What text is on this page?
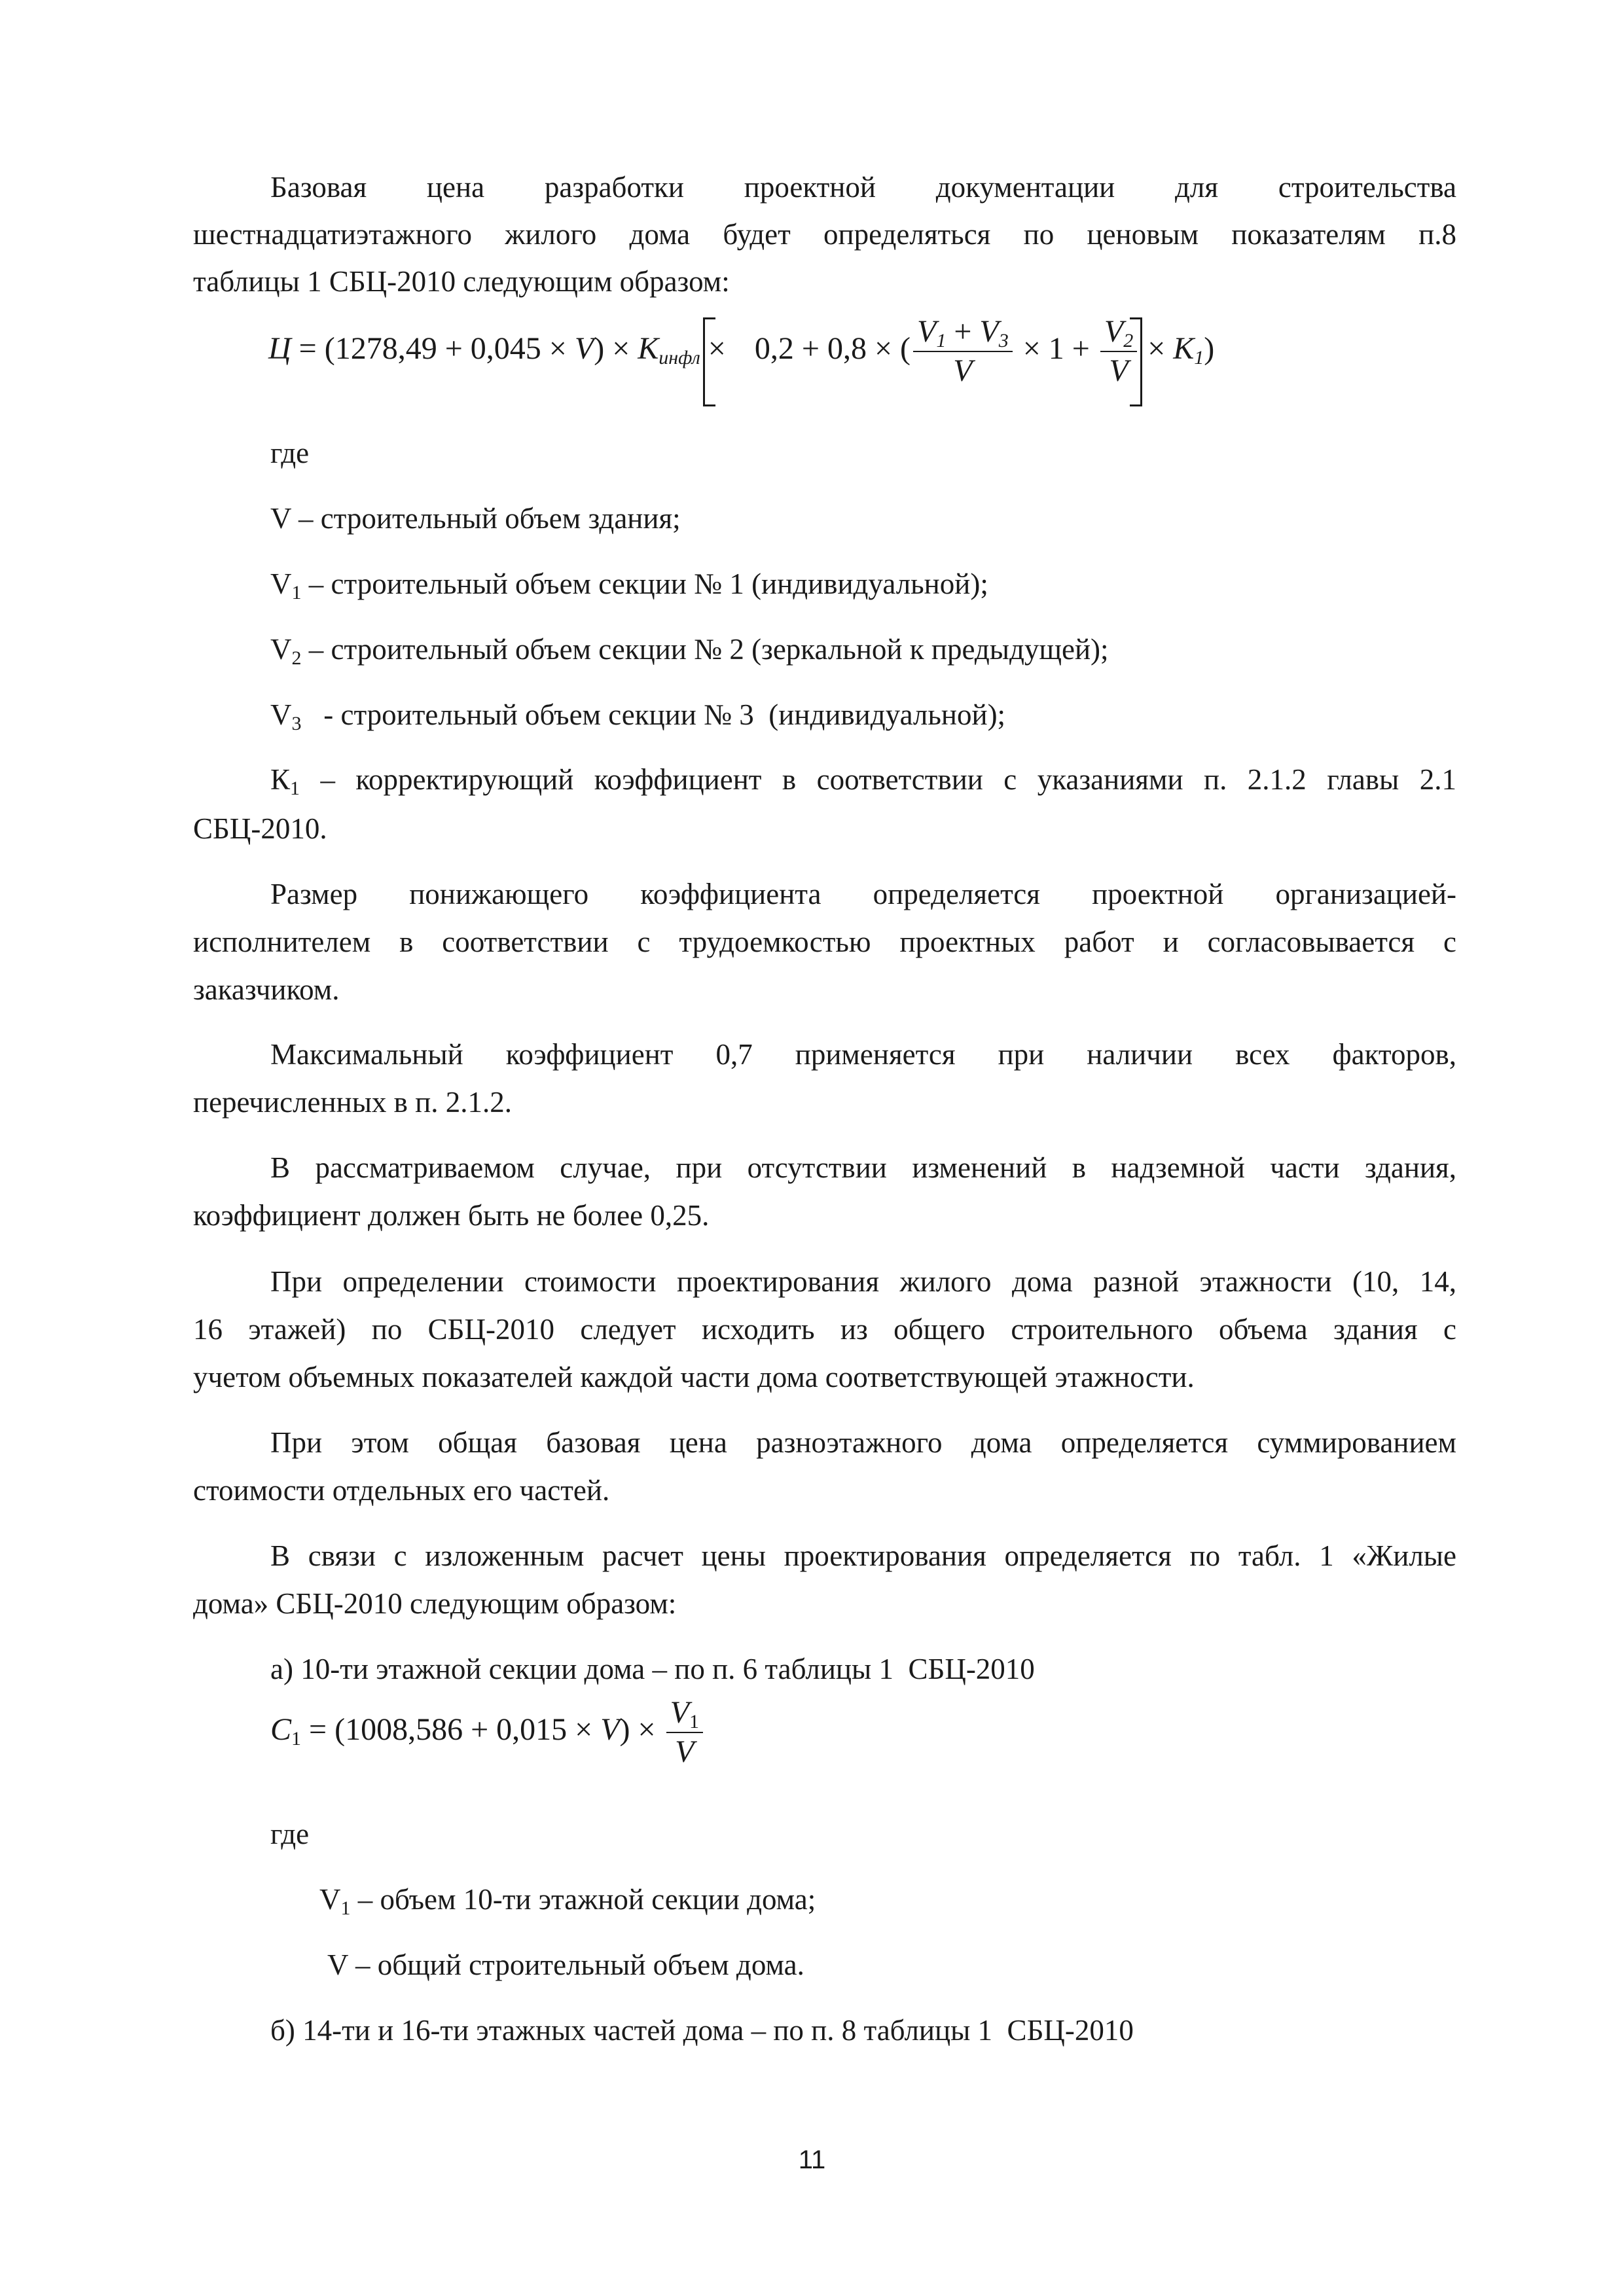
Базовая цена разработки проектной документации для строительства

шестнадцатиэтажного жилого дома будет определяться по ценовым показателям п.8

таблицы 1 СБЦ-2010 следующим образом:

$Ц = (1278,49 + 0,045 \times V) \times K_{инфл} \times 0,2 + 0,8$ × ( $\frac{V_1 + V_3}{V} \times 1 + \frac{V_2}{V} \times K_1$)

где

V – строительный объем здания;

$V_1$ – строительный объем секции № 1 (индивидуальной);

$V_2$ – строительный объем секции № 2 (зеркальной к предыдущей);

$V_3$   - строительный объем секции № 3  (индивидуальной);

$К_1$ – корректирующий коэффициент в соответствии с указаниями п. 2.1.2 главы 2.1

СБЦ-2010.

Размер понижающего коэффициента определяется проектной организацией-

исполнителем в соответствии с трудоемкостью проектных работ и согласовывается с

заказчиком.

Максимальный коэффициент 0,7 применяется при наличии всех факторов,

перечисленных в п. 2.1.2.

В рассматриваемом случае, при отсутствии изменений в надземной части здания,

коэффициент должен быть не более 0,25.

При определении стоимости проектирования жилого дома разной этажности (10, 14,

16 этажей) по СБЦ-2010 следует исходить из общего строительного объема здания с

учетом объемных показателей каждой части дома соответствующей этажности.

При этом общая базовая цена разноэтажного дома определяется суммированием

стоимости отдельных его частей.

В связи с изложенным расчет цены проектирования определяется по табл. 1 «Жилые

дома» СБЦ-2010 следующим образом:

а) 10-ти этажной секции дома – по п. 6 таблицы 1  СБЦ-2010

$C_1 = (1008,586 + 0,015 \times V) \times \frac{V_1}{V}$

где

$V_1$ – объем 10-ти этажной секции дома;

V – общий строительный объем дома.

б) 14-ти и 16-ти этажных частей дома – по п. 8 таблицы 1  СБЦ-2010

11
